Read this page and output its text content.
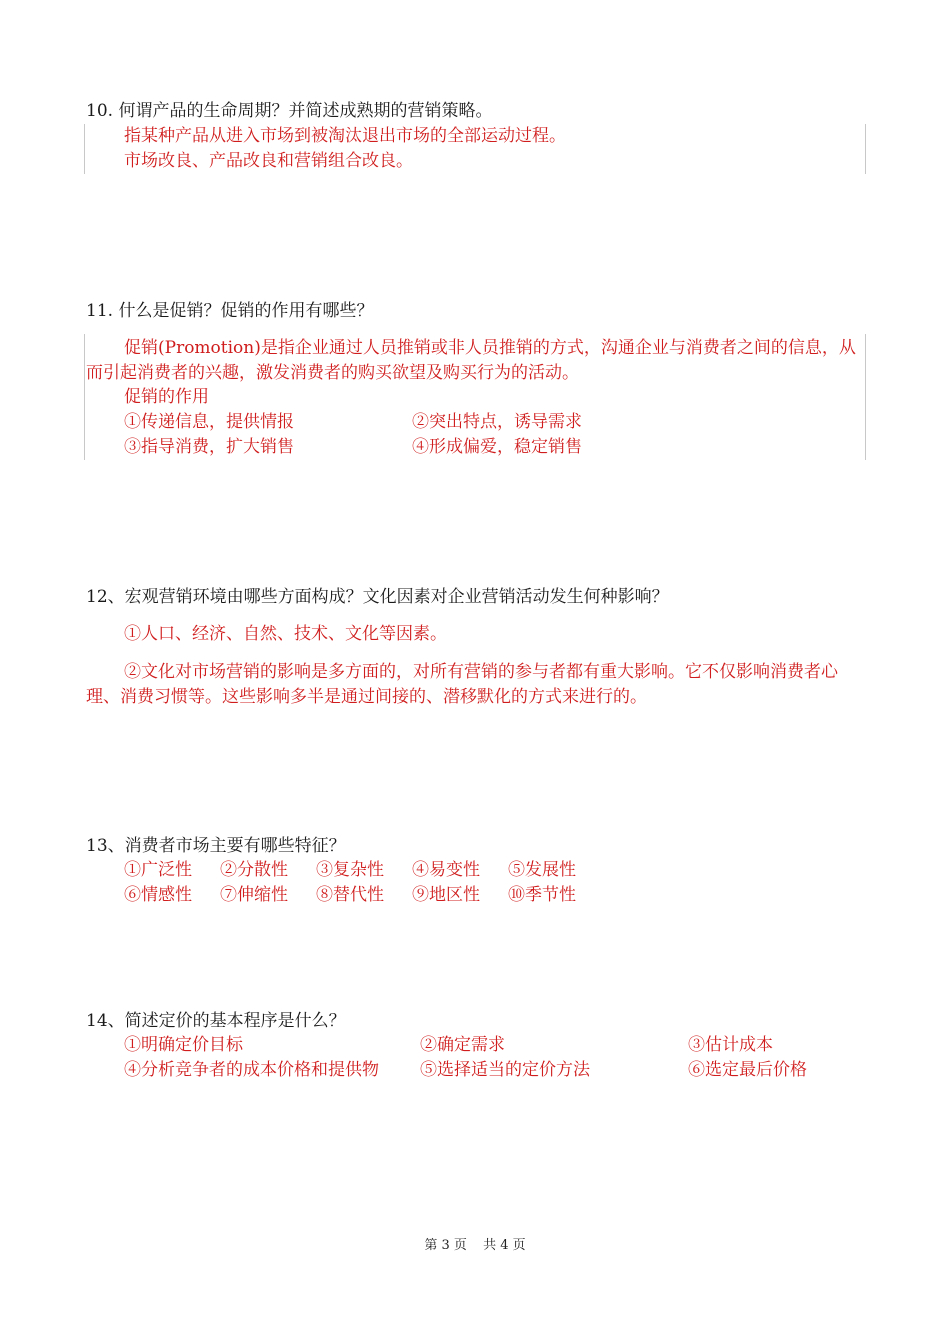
10. 何谓产品的生命周期？并简述成熟期的营销策略。
指某种产品从进入市场到被淘汰退出市场的全部运动过程。
市场改良、产品改良和营销组合改良。
11. 什么是促销？促销的作用有哪些？
促销(Promotion)是指企业通过人员推销或非人员推销的方式，沟通企业与消费者之间的信息，从而引起消费者的兴趣，激发消费者的购买欲望及购买行为的活动。
促销的作用
①传递信息，提供情报	②突出特点，诱导需求
③指导消费，扩大销售	④形成偏爱，稳定销售
12、宏观营销环境由哪些方面构成？文化因素对企业营销活动发生何种影响？
①人口、经济、自然、技术、文化等因素。
②文化对市场营销的影响是多方面的，对所有营销的参与者都有重大影响。它不仅影响消费者心理、消费习惯等。这些影响多半是通过间接的、潜移默化的方式来进行的。
13、消费者市场主要有哪些特征？
①广泛性 ②分散性 ③复杂性 ④易变性 ⑤发展性
⑥情感性 ⑦伸缩性 ⑧替代性 ⑨地区性 ⑩季节性
14、简述定价的基本程序是什么？
①明确定价目标	②确定需求	③估计成本
④分析竞争者的成本价格和提供物 ⑤选择适当的定价方法	⑥选定最后价格
第 3 页 共 4 页
